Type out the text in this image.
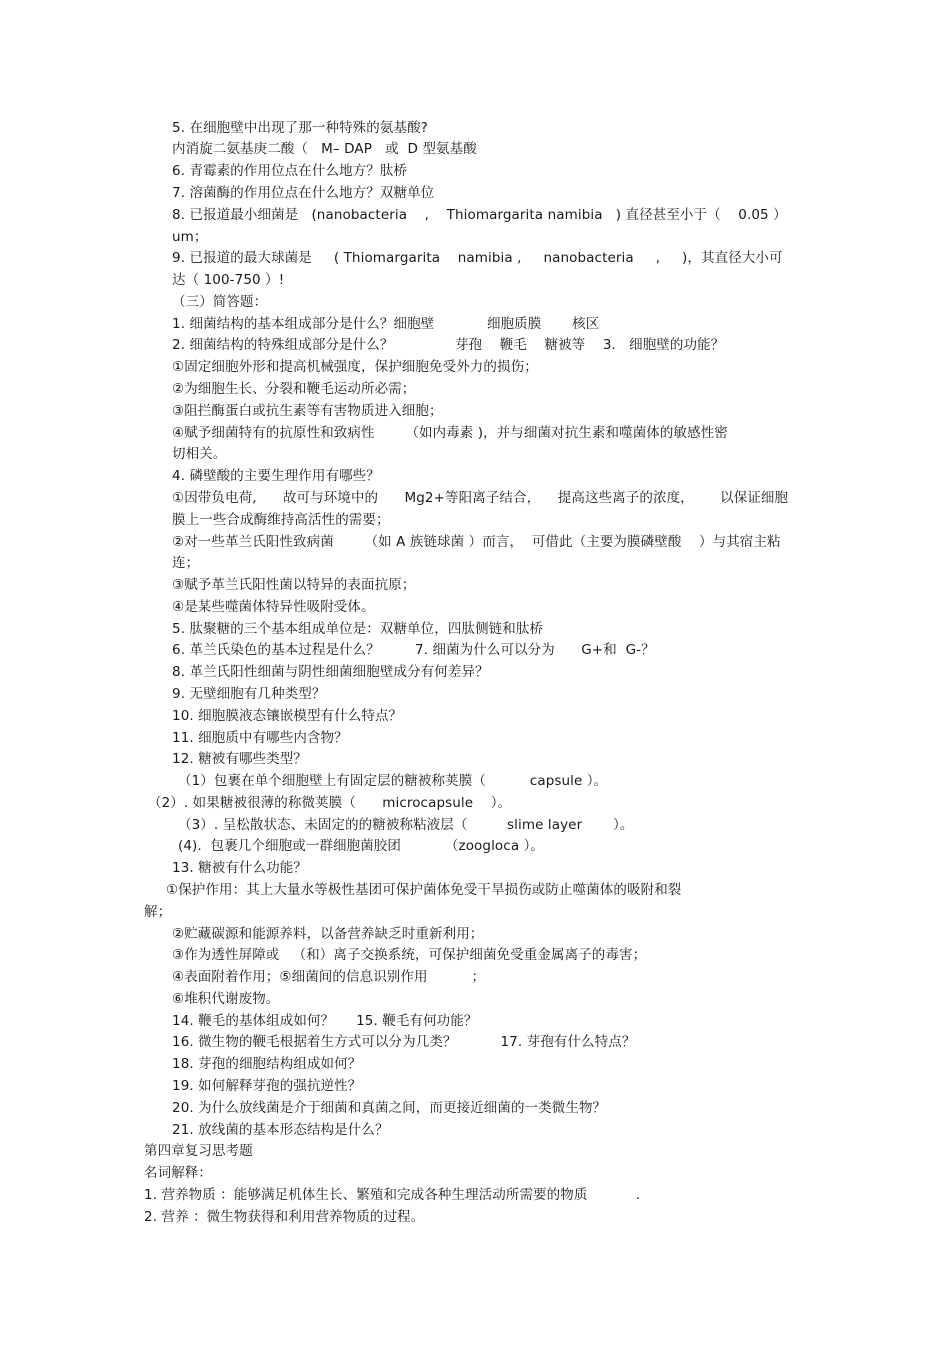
5. 在细胞壁中出现了那一种特殊的氨基酸?
内消旋二氨基庚二酸（   M– DAP   或  D 型氨基酸
6. 青霉素的作用位点在什么地方？肽桥
7. 溶菌酶的作用位点在什么地方？双糖单位
8. 已报道最小细菌是   (nanobacteria    ,    Thiomargarita namibia   ) 直径甚至小于（    0.05 ）
um；
9. 已报道的最大球菌是     ( Thiomargarita    namibia ,     nanobacteria     ,     )，其直径大小可
达（ 100-750 ）!
（三）简答题：
1. 细菌结构的基本组成部分是什么？细胞壁            细胞质膜       核区
2. 细菌结构的特殊组成部分是什么？              芽孢    鞭毛    糖被等    3.   细胞壁的功能？
①固定细胞外形和提高机械强度，保护细胞免受外力的损伤；
②为细胞生长、分裂和鞭毛运动所必需；
③阻拦酶蛋白或抗生素等有害物质进入细胞；
④赋予细菌特有的抗原性和致病性       （如内毒素 )，并与细菌对抗生素和噬菌体的敏感性密
切相关。
4. 磷壁酸的主要生理作用有哪些？
①因带负电荷,      故可与环境中的      Mg2+等阳离子结合，    提高这些离子的浓度，      以保证细胞
膜上一些合成酶维持高活性的需要；
②对一些革兰氏阳性致病菌       （如 A 族链球菌 ）而言，  可借此（主要为膜磷壁酸    ）与其宿主粘
连；
③赋予革兰氏阳性菌以特异的表面抗原；
④是某些噬菌体特异性吸附受体。
5. 肽聚糖的三个基本组成单位是：双糖单位，四肽侧链和肽桥
6. 革兰氏染色的基本过程是什么？        7. 细菌为什么可以分为      G+和  G-？
8. 革兰氏阳性细菌与阴性细菌细胞壁成分有何差异？
9. 无壁细胞有几种类型？
10. 细胞膜液态镶嵌模型有什么特点？
11. 细胞质中有哪些内含物？
12. 糖被有哪些类型？
（1）包裹在单个细胞壁上有固定层的糖被称荚膜（          capsule ）。
（2）. 如果糖被很薄的称微荚膜（      microcapsule    ）。
（3）. 呈松散状态、未固定的的糖被称粘液层（         slime layer       ）。
(4).  包裹几个细胞或一群细胞菌胶团          （zoogloca ）。
13. 糖被有什么功能？
①保护作用：其上大量水等极性基团可保护菌体免受干旱损伤或防止噬菌体的吸附和裂
解；
②贮藏碳源和能源养料，以备营养缺乏时重新利用；
③作为透性屏障或   （和）离子交换系统，可保护细菌免受重金属离子的毒害；
④表面附着作用；⑤细菌间的信息识别作用          ；
⑥堆积代谢废物。
14. 鞭毛的基体组成如何？     15. 鞭毛有何功能？
16. 微生物的鞭毛根据着生方式可以分为几类？          17. 芽孢有什么特点？
18. 芽孢的细胞结构组成如何？
19. 如何解释芽孢的强抗逆性？
20. 为什么放线菌是介于细菌和真菌之间，而更接近细菌的一类微生物？
21. 放线菌的基本形态结构是什么？
第四章复习思考题
名词解释：
1. 营养物质 ：能够满足机体生长、繁殖和完成各种生理活动所需要的物质           .
2. 营养 ：微生物获得和利用营养物质的过程。
